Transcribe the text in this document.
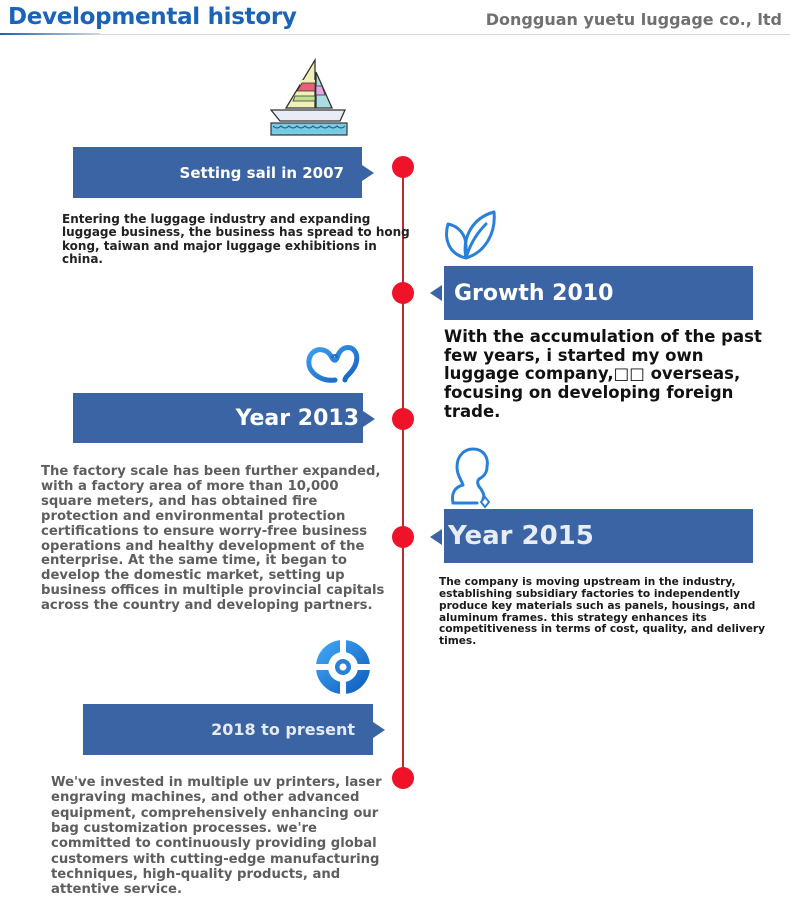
Developmental history	Dongguan yuetu luggage co., ltd
Setting sail in 2007
Entering the luggage industry and expanding luggage business, the business has spread to hong kong, taiwan and major luggage exhibitions in china.
Growth 2010
With the accumulation of the past few years, i started my own luggage company,□□ overseas, focusing on developing foreign trade.
Year 2013
The factory scale has been further expanded, with a factory area of more than 10,000 square meters, and has obtained fire protection and environmental protection certifications to ensure worry-free business operations and healthy development of the enterprise. At the same time, it began to develop the domestic market, setting up business offices in multiple provincial capitals across the country and developing partners.
Year 2015
The company is moving upstream in the industry, establishing subsidiary factories to independently produce key materials such as panels, housings, and aluminum frames. this strategy enhances its competitiveness in terms of cost, quality, and delivery times.
2018 to present
We've invested in multiple uv printers, laser engraving machines, and other advanced equipment, comprehensively enhancing our bag customization processes. we're committed to continuously providing global customers with cutting-edge manufacturing techniques, high-quality products, and attentive service.
